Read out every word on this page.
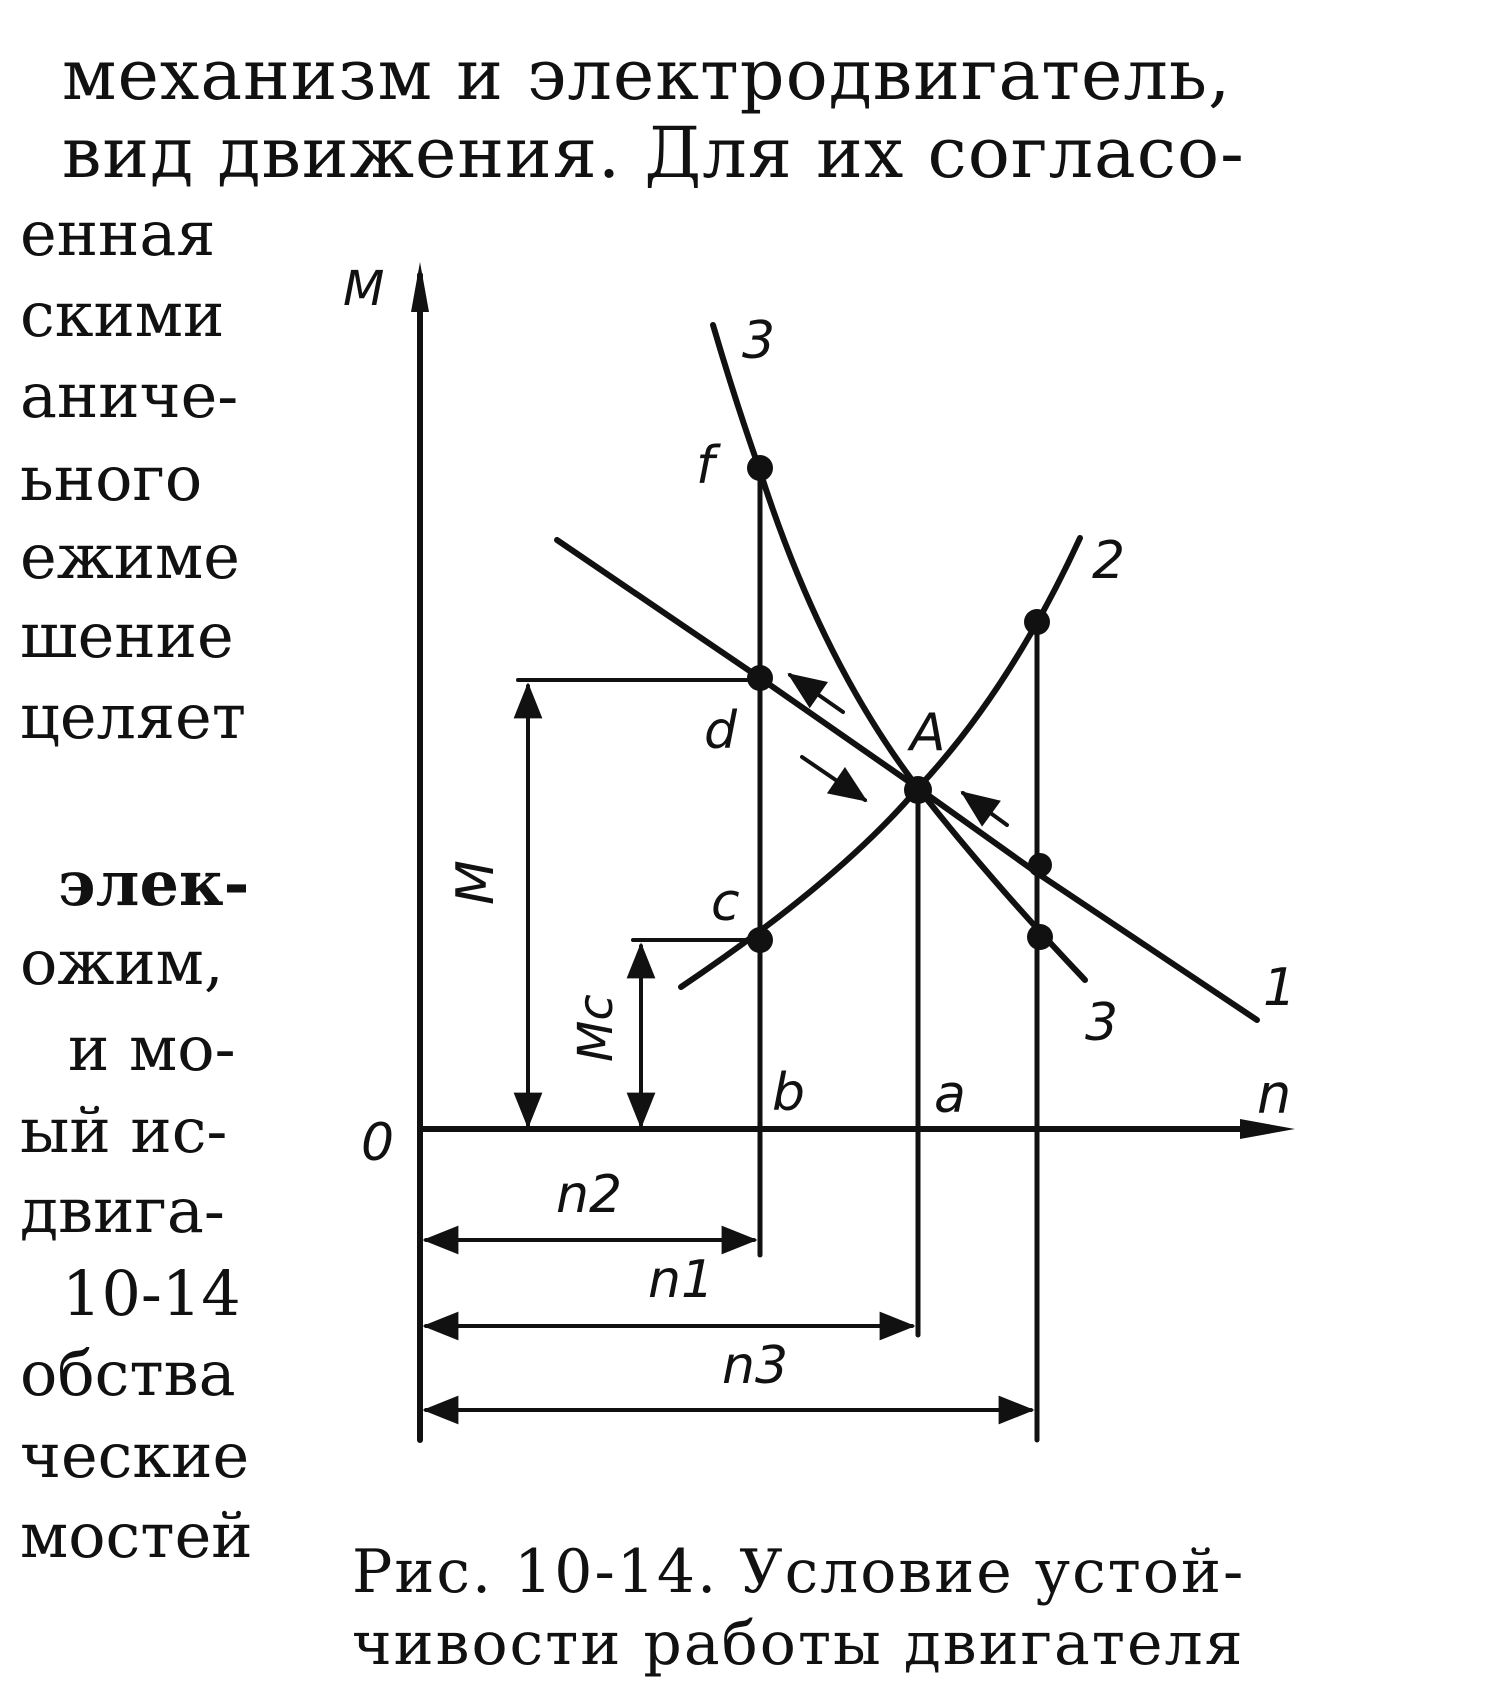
механизм и электродвигатель,
вид движения. Для их согласо-
енная
скими
аниче-
ьного
ежиме
шение
целяет
элек-
ожим,
и мо-
ый ис-
двига-
10-14
обства
ческие
мостей
M
n
0
3
2
1
3
f
d	A
c
b a
M
Mc
n2
n1
n3
Рис. 10-14. Условие устой-
чивости работы двигателя
